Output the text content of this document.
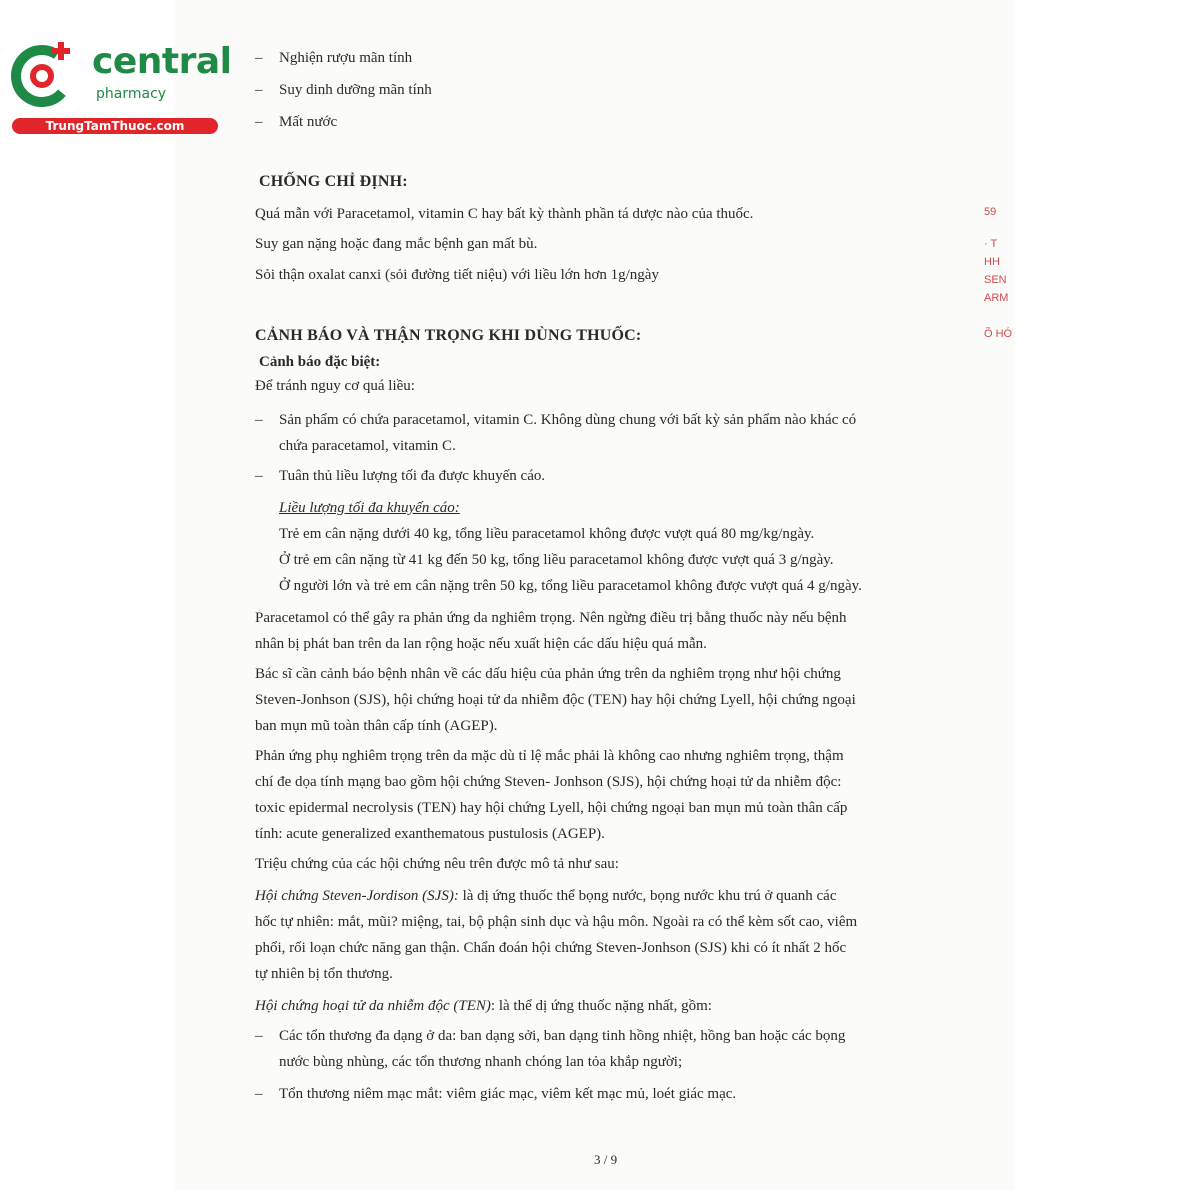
central
pharmacy
TrungTamThuoc.com
59
· T
HH
SEN
ARM
Õ HÓ
–	Nghiện rượu mãn tính
–	Suy dinh dưỡng mãn tính
–	Mất nước
CHỐNG CHỈ ĐỊNH:
Quá mẫn với Paracetamol, vitamin C hay bất kỳ thành phần tá dược nào của thuốc.
Suy gan nặng hoặc đang mắc bệnh gan mất bù.
Sỏi thận oxalat canxi (sỏi đường tiết niệu) với liều lớn hơn 1g/ngày
CẢNH BÁO VÀ THẬN TRỌNG KHI DÙNG THUỐC:
Cảnh báo đặc biệt:
Để tránh nguy cơ quá liều:
–	Sản phẩm có chứa paracetamol, vitamin C. Không dùng chung với bất kỳ sản phẩm nào khác có
chứa paracetamol, vitamin C.
–	Tuân thủ liều lượng tối đa được khuyến cáo.
Liều lượng tối đa khuyến cáo:
Trẻ em cân nặng dưới 40 kg, tổng liều paracetamol không được vượt quá 80 mg/kg/ngày.
Ở trẻ em cân nặng từ 41 kg đến 50 kg, tổng liều paracetamol không được vượt quá 3 g/ngày.
Ở người lớn và trẻ em cân nặng trên 50 kg, tổng liều paracetamol không được vượt quá 4 g/ngày.
Paracetamol có thể gây ra phản ứng da nghiêm trọng. Nên ngừng điều trị bằng thuốc này nếu bệnh
nhân bị phát ban trên da lan rộng hoặc nếu xuất hiện các dấu hiệu quá mẫn.
Bác sĩ cần cảnh báo bệnh nhân về các dấu hiệu của phản ứng trên da nghiêm trọng như hội chứng
Steven-Jonhson (SJS), hội chứng hoại tử da nhiễm độc (TEN) hay hội chứng Lyell, hội chứng ngoại
ban mụn mũ toàn thân cấp tính (AGEP).
Phản ứng phụ nghiêm trọng trên da mặc dù tỉ lệ mắc phải là không cao nhưng nghiêm trọng, thậm
chí đe dọa tính mạng bao gồm hội chứng Steven- Jonhson (SJS), hội chứng hoại tử da nhiễm độc:
toxic epidermal necrolysis (TEN) hay hội chứng Lyell, hội chứng ngoại ban mụn mủ toàn thân cấp
tính: acute generalized exanthematous pustulosis (AGEP).
Triệu chứng của các hội chứng nêu trên được mô tả như sau:
Hội chứng Steven-Jordison (SJS): là dị ứng thuốc thể bọng nước, bọng nước khu trú ở quanh các
hốc tự nhiên: mắt, mũi? miệng, tai, bộ phận sinh dục và hậu môn. Ngoài ra có thể kèm sốt cao, viêm
phổi, rối loạn chức năng gan thận. Chẩn đoán hội chứng Steven-Jonhson (SJS) khi có ít nhất 2 hốc
tự nhiên bị tổn thương.
Hội chứng hoại tử da nhiễm độc (TEN): là thể dị ứng thuốc nặng nhất, gồm:
–	Các tổn thương đa dạng ở da: ban dạng sởi, ban dạng tinh hồng nhiệt, hồng ban hoặc các bọng
nước bùng nhùng, các tổn thương nhanh chóng lan tỏa khắp người;
–	Tổn thương niêm mạc mắt: viêm giác mạc, viêm kết mạc mủ, loét giác mạc.
3 / 9
